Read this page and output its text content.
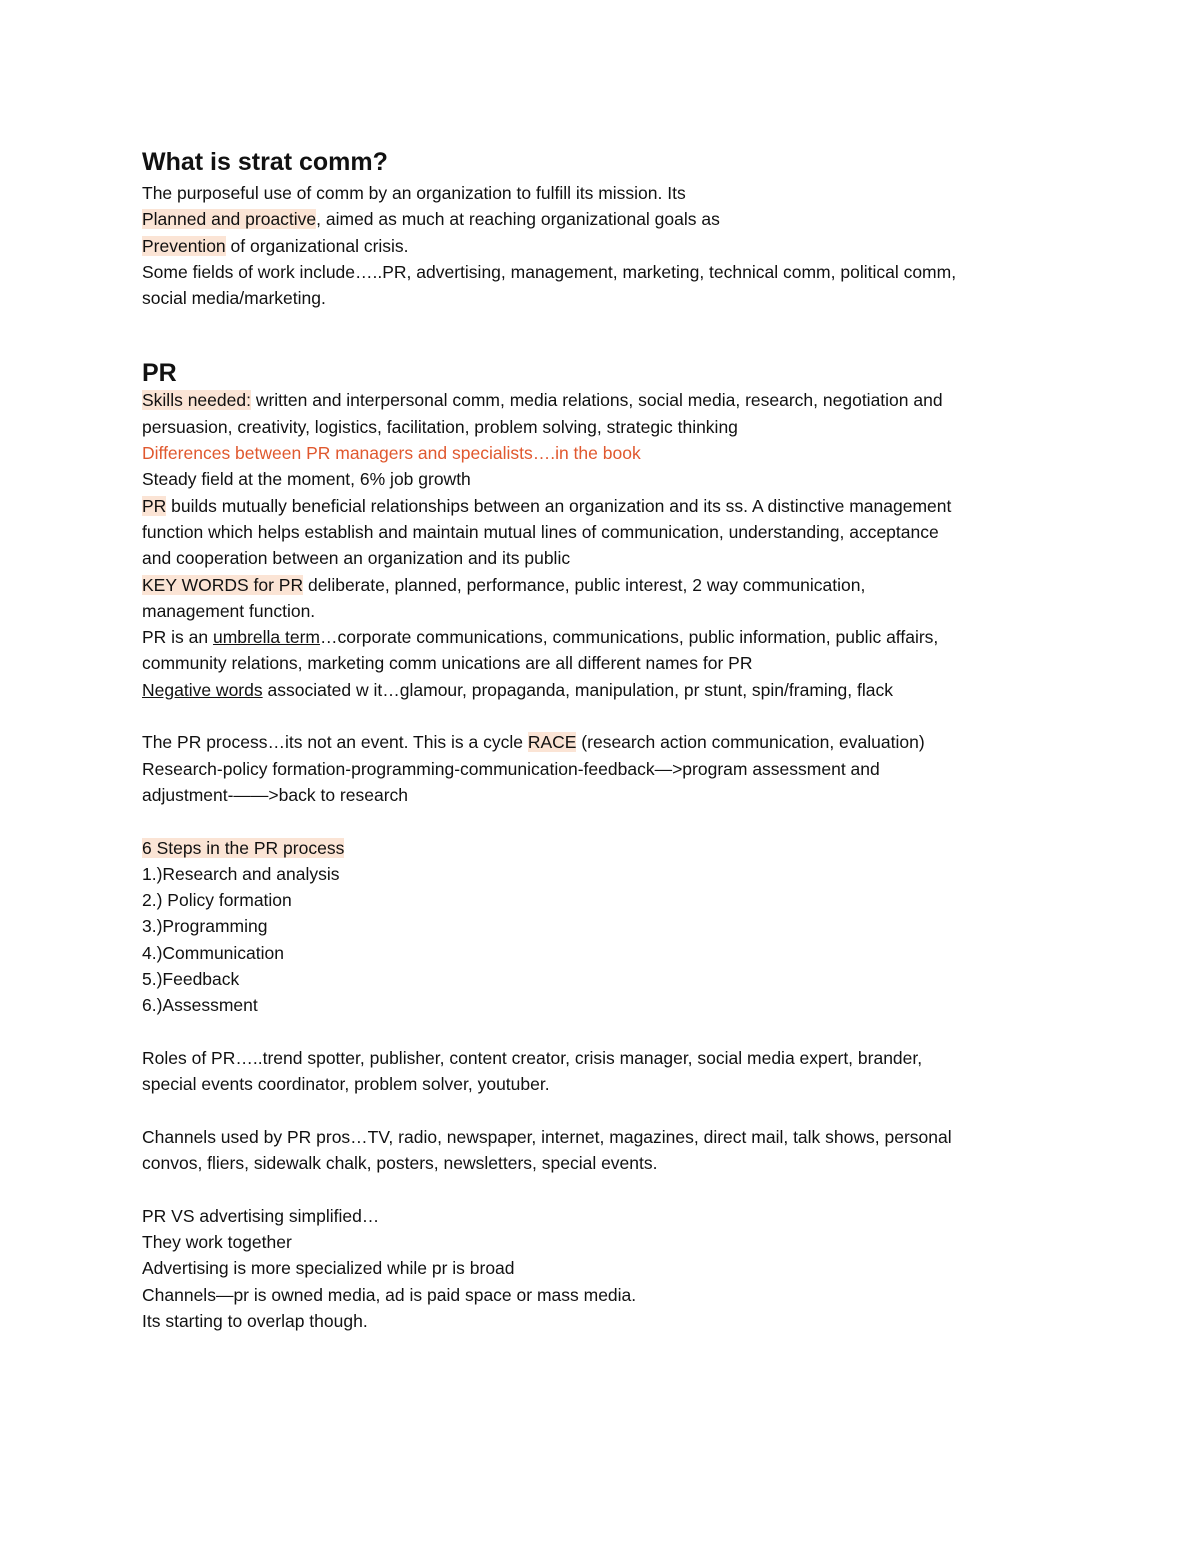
What is strat comm?
The purposeful use of comm by an organization to fulfill its mission. Its
Planned and proactive, aimed as much at reaching organizational goals as
Prevention of organizational crisis.
Some fields of work include…..PR, advertising, management, marketing, technical comm, political comm,
social media/marketing.
PR
Skills needed: written and interpersonal comm, media relations, social media, research, negotiation and
persuasion, creativity, logistics, facilitation, problem solving, strategic thinking
Differences between PR managers and specialists….in the book
Steady field at the moment, 6% job growth
PR builds mutually beneficial relationships between an organization and its ss. A distinctive management
function which helps establish and maintain mutual lines of communication, understanding, acceptance
and cooperation between an organization and its public
KEY WORDS for PR deliberate, planned, performance, public interest, 2 way communication,
management function.
PR is an umbrella term…corporate communications, communications, public information, public affairs,
community relations, marketing comm unications are all different names for PR
Negative words associated w it…glamour, propaganda, manipulation, pr stunt, spin/framing, flack
The PR process…its not an event. This is a cycle RACE (research action communication, evaluation)
Research-policy formation-programming-communication-feedback—>program assessment and
adjustment-——>back to research
6 Steps in the PR process
1.)Research and analysis
2.) Policy formation
3.)Programming
4.)Communication
5.)Feedback
6.)Assessment
Roles of PR…..trend spotter, publisher, content creator, crisis manager, social media expert, brander,
special events coordinator, problem solver, youtuber.
Channels used by PR pros…TV, radio, newspaper, internet, magazines, direct mail, talk shows, personal
convos, fliers, sidewalk chalk, posters, newsletters, special events.
PR VS advertising simplified…
They work together
Advertising is more specialized while pr is broad
Channels—pr is owned media, ad is paid space or mass media.
Its starting to overlap though.
